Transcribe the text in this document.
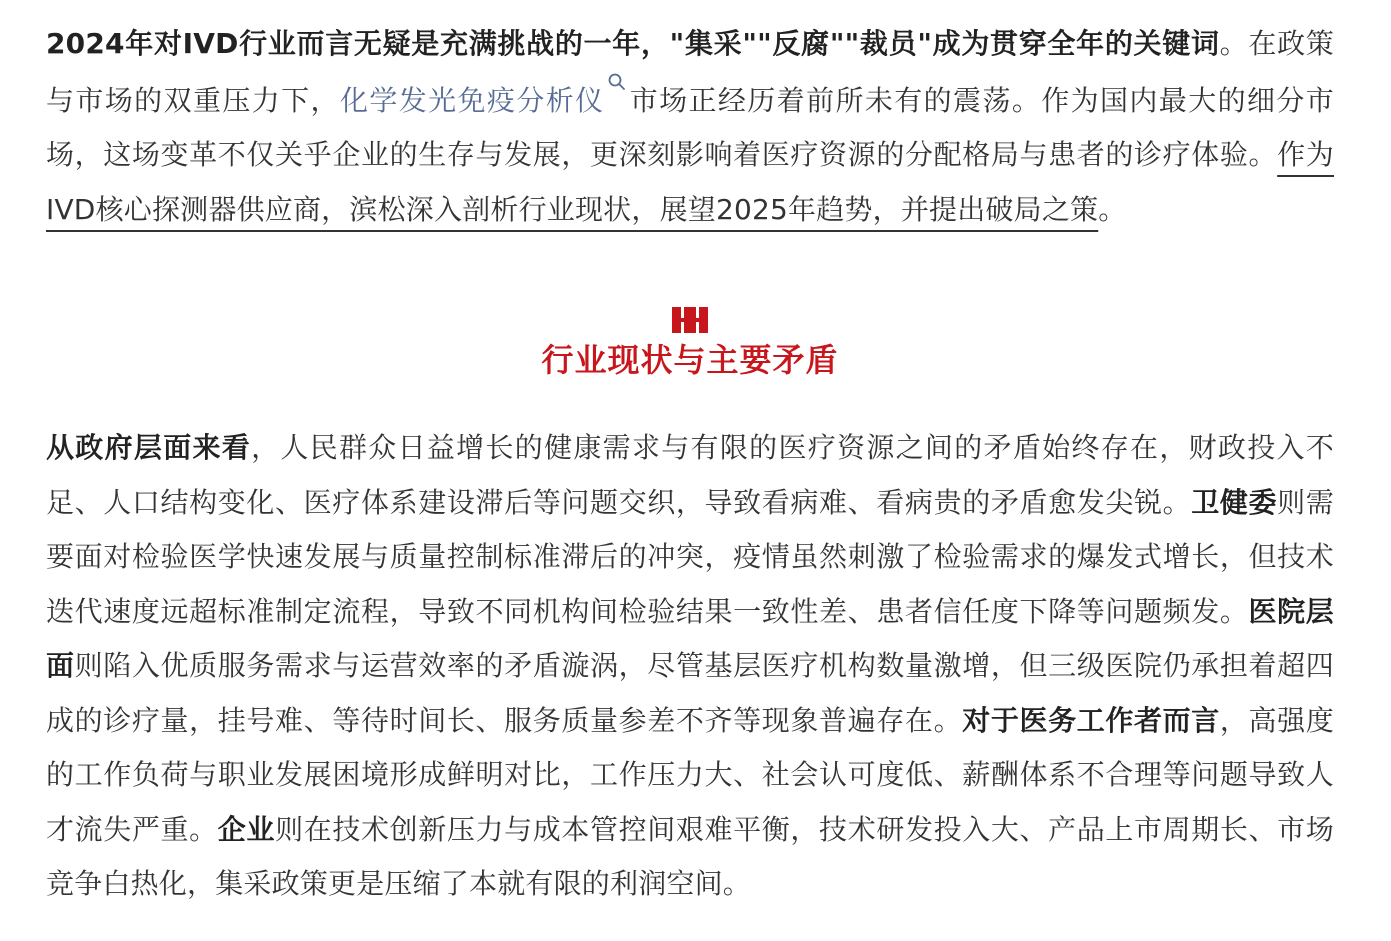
2024年对IVD行业而言无疑是充满挑战的一年，"集采""反腐""裁员"成为贯穿全年的关键词。在政策与市场的双重压力下，化学发光免疫分析仪 市场正经历着前所未有的震荡。作为国内最大的细分市场，这场变革不仅关乎企业的生存与发展，更深刻影响着医疗资源的分配格局与患者的诊疗体验。作为IVD核心探测器供应商，滨松深入剖析行业现状，展望2025年趋势，并提出破局之策。

行业现状与主要矛盾

从政府层面来看，人民群众日益增长的健康需求与有限的医疗资源之间的矛盾始终存在，财政投入不足、人口结构变化、医疗体系建设滞后等问题交织，导致看病难、看病贵的矛盾愈发尖锐。卫健委则需要面对检验医学快速发展与质量控制标准滞后的冲突，疫情虽然刺激了检验需求的爆发式增长，但技术迭代速度远超标准制定流程，导致不同机构间检验结果一致性差、患者信任度下降等问题频发。医院层面则陷入优质服务需求与运营效率的矛盾漩涡，尽管基层医疗机构数量激增，但三级医院仍承担着超四成的诊疗量，挂号难、等待时间长、服务质量参差不齐等现象普遍存在。对于医务工作者而言，高强度的工作负荷与职业发展困境形成鲜明对比，工作压力大、社会认可度低、薪酬体系不合理等问题导致人才流失严重。企业则在技术创新压力与成本管控间艰难平衡，技术研发投入大、产品上市周期长、市场竞争白热化，集采政策更是压缩了本就有限的利润空间。
